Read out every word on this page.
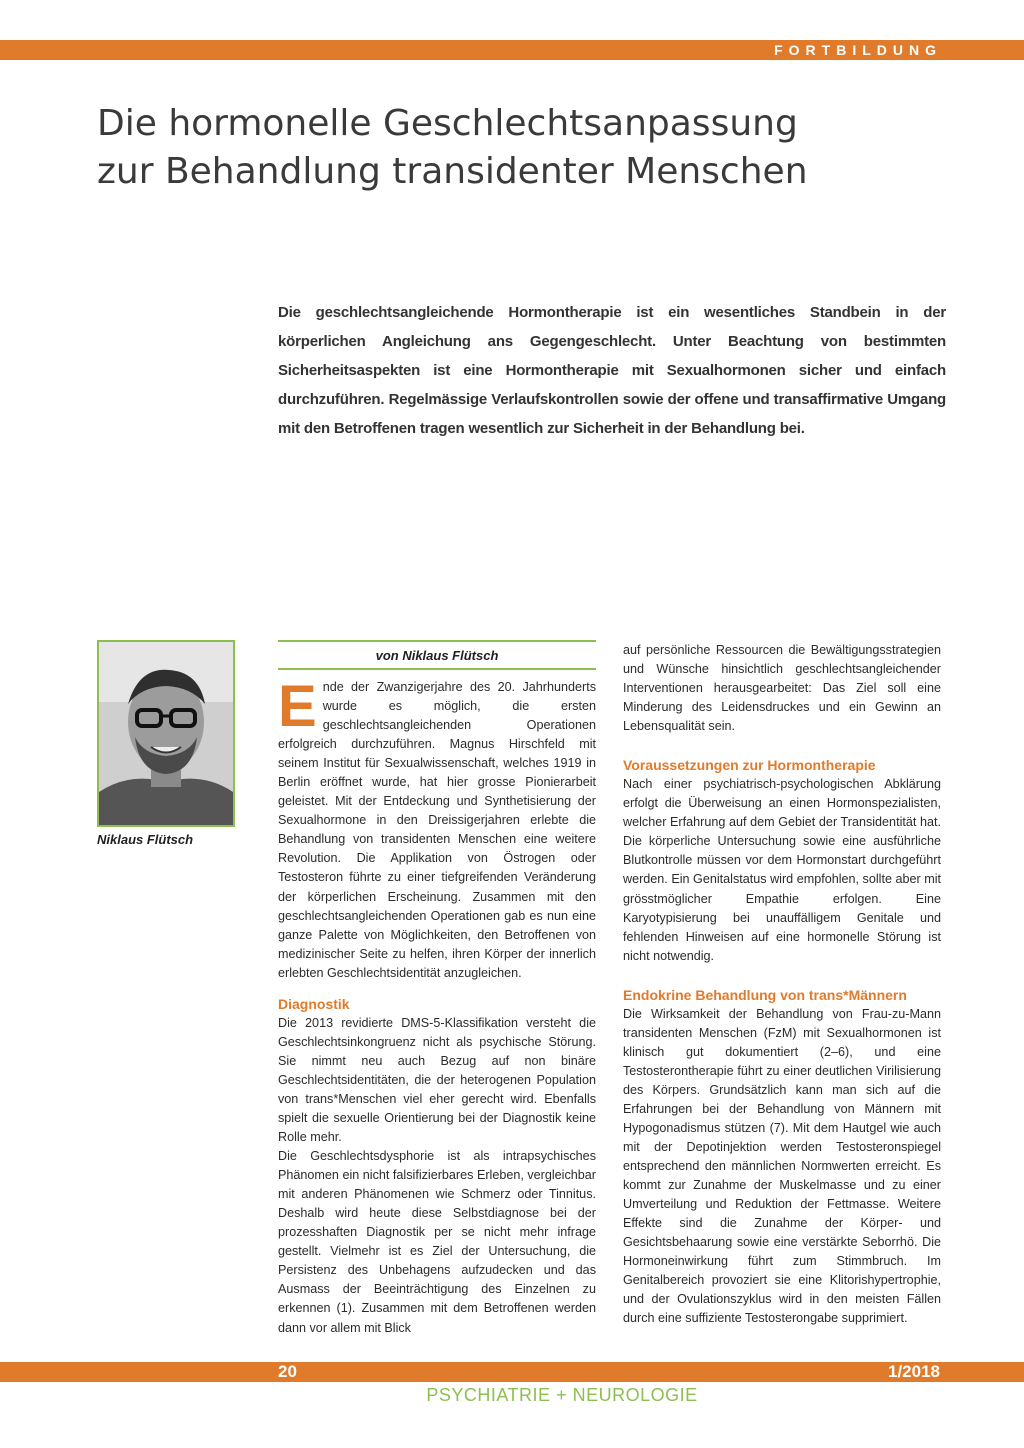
FORTBILDUNG
Die hormonelle Geschlechtsanpassung
zur Behandlung transidenter Menschen

Die geschlechtsangleichende Hormontherapie ist ein wesentliches Standbein in der körperlichen Angleichung ans Gegengeschlecht. Unter Beachtung von bestimmten Sicherheitsaspekten ist eine Hormontherapie mit Sexualhormonen sicher und einfach durchzuführen. Regelmässige Verlaufskontrollen sowie der offene und transaffirmative Umgang mit den Betroffenen tragen wesentlich zur Sicherheit in der Behandlung bei.

Niklaus Flütsch
von Niklaus Flütsch

Ende der Zwanzigerjahre des 20. Jahrhunderts wurde es möglich, die ersten geschlechtsangleichenden Operationen erfolgreich durchzuführen. Magnus Hirschfeld mit seinem Institut für Sexualwissenschaft, welches 1919 in Berlin eröffnet wurde, hat hier grosse Pionierarbeit geleistet. Mit der Entdeckung und Synthetisierung der Sexualhormone in den Dreissigerjahren erlebte die Behandlung von transidenten Menschen eine weitere Revolution. Die Applikation von Östrogen oder Testosteron führte zu einer tiefgreifenden Veränderung der körperlichen Erscheinung. Zusammen mit den geschlechtsangleichenden Operationen gab es nun eine ganze Palette von Möglichkeiten, den Betroffenen von medizinischer Seite zu helfen, ihren Körper der innerlich erlebten Geschlechtsidentität anzugleichen.

Diagnostik

Die 2013 revidierte DMS-5-Klassifikation versteht die Geschlechtsinkongruenz nicht als psychische Störung. Sie nimmt neu auch Bezug auf non binäre Geschlechtsidentitäten, die der heterogenen Population von trans*Menschen viel eher gerecht wird. Ebenfalls spielt die sexuelle Orientierung bei der Diagnostik keine Rolle mehr.

Die Geschlechtsdysphorie ist als intrapsychisches Phänomen ein nicht falsifizierbares Erleben, vergleichbar mit anderen Phänomenen wie Schmerz oder Tinnitus. Deshalb wird heute diese Selbstdiagnose bei der prozesshaften Diagnostik per se nicht mehr infrage gestellt. Vielmehr ist es Ziel der Untersuchung, die Persistenz des Unbehagens aufzudecken und das Ausmass der Beeinträchtigung des Einzelnen zu erkennen (1). Zusammen mit dem Betroffenen werden dann vor allem mit Blick

auf persönliche Ressourcen die Bewältigungsstrategien und Wünsche hinsichtlich geschlechtsangleichender Interventionen herausgearbeitet: Das Ziel soll eine Minderung des Leidensdruckes und ein Gewinn an Lebensqualität sein.

Voraussetzungen zur Hormontherapie

Nach einer psychiatrisch-psychologischen Abklärung erfolgt die Überweisung an einen Hormonspezialisten, welcher Erfahrung auf dem Gebiet der Transidentität hat. Die körperliche Untersuchung sowie eine ausführliche Blutkontrolle müssen vor dem Hormonstart durchgeführt werden. Ein Genitalstatus wird empfohlen, sollte aber mit grösstmöglicher Empathie erfolgen. Eine Karyotypisierung bei unauffälligem Genitale und fehlenden Hinweisen auf eine hormonelle Störung ist nicht notwendig.

Endokrine Behandlung von trans*Männern

Die Wirksamkeit der Behandlung von Frau-zu-Mann transidenten Menschen (FzM) mit Sexualhormonen ist klinisch gut dokumentiert (2–6), und eine Testosterontherapie führt zu einer deutlichen Virilisierung des Körpers. Grundsätzlich kann man sich auf die Erfahrungen bei der Behandlung von Männern mit Hypogonadismus stützen (7). Mit dem Hautgel wie auch mit der Depotinjektion werden Testosteronspiegel entsprechend den männlichen Normwerten erreicht. Es kommt zur Zunahme der Muskelmasse und zu einer Umverteilung und Reduktion der Fettmasse. Weitere Effekte sind die Zunahme der Körper- und Gesichtsbehaarung sowie eine verstärkte Seborrhö. Die Hormoneinwirkung führt zum Stimmbruch. Im Genitalbereich provoziert sie eine Klitorishypertrophie, und der Ovulationszyklus wird in den meisten Fällen durch eine suffiziente Testosterongabe supprimiert.

20	1/2018
PSYCHIATRIE + NEUROLOGIE
